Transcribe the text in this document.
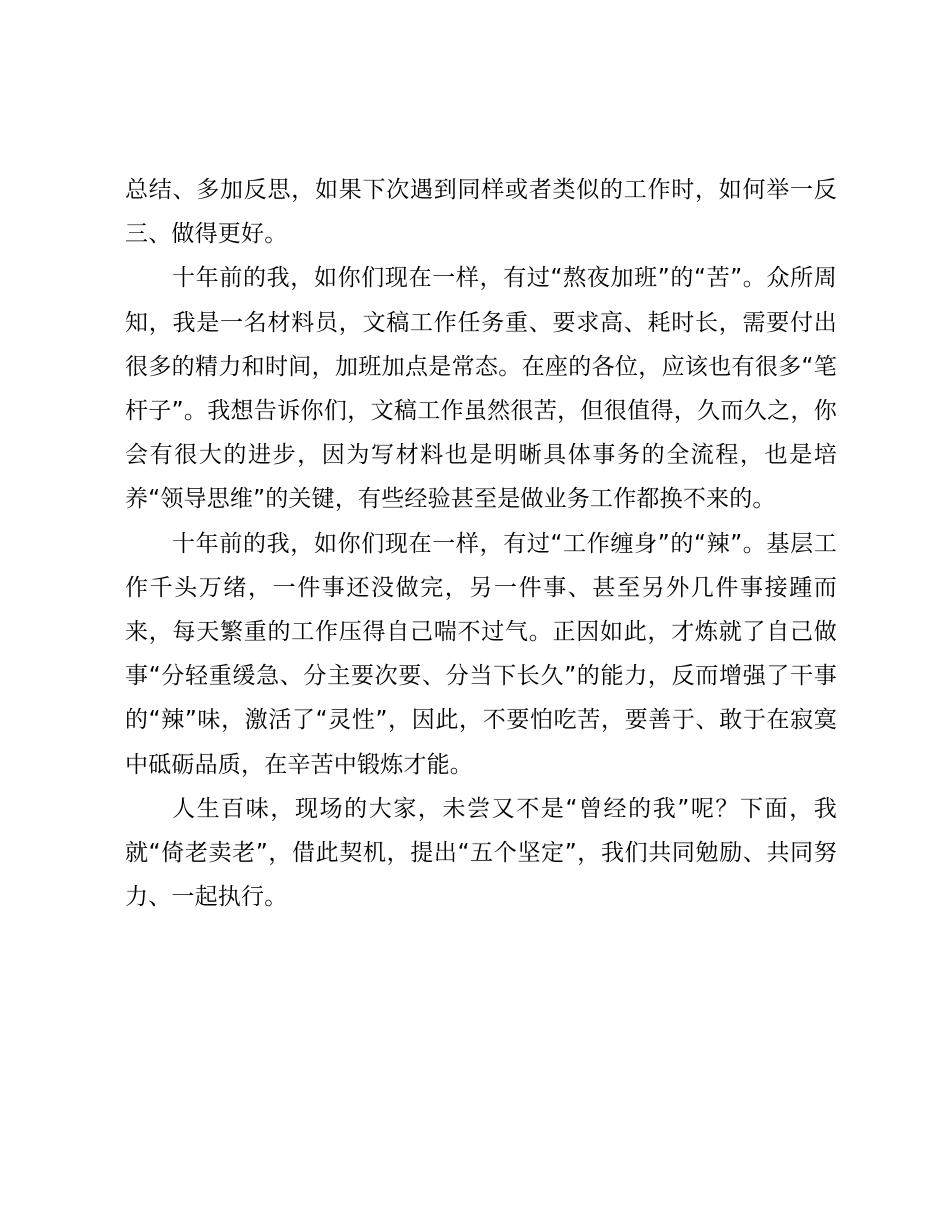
总结、多加反思，如果下次遇到同样或者类似的工作时，如何举一反三、做得更好。

十年前的我，如你们现在一样，有过“熬夜加班”的“苦”。众所周知，我是一名材料员，文稿工作任务重、要求高、耗时长，需要付出很多的精力和时间，加班加点是常态。在座的各位，应该也有很多“笔杆子”。我想告诉你们，文稿工作虽然很苦，但很值得，久而久之，你会有很大的进步，因为写材料也是明晰具体事务的全流程，也是培养“领导思维”的关键，有些经验甚至是做业务工作都换不来的。

十年前的我，如你们现在一样，有过“工作缠身”的“辣”。基层工作千头万绪，一件事还没做完，另一件事、甚至另外几件事接踵而来，每天繁重的工作压得自己喘不过气。正因如此，才炼就了自己做事“分轻重缓急、分主要次要、分当下长久”的能力，反而增强了干事的“辣”味，激活了“灵性”，因此，不要怕吃苦，要善于、敢于在寂寞中砥砺品质，在辛苦中锻炼才能。

人生百味，现场的大家，未尝又不是“曾经的我”呢？下面，我就“倚老卖老”，借此契机，提出“五个坚定”，我们共同勉励、共同努力、一起执行。
